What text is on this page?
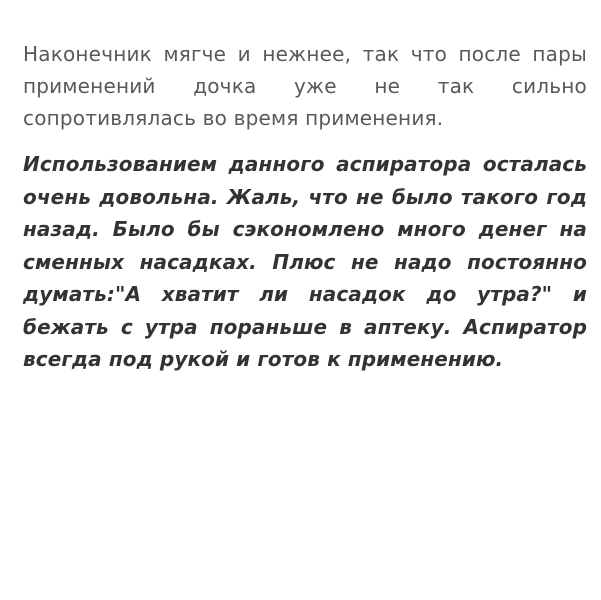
Наконечник мягче и нежнее, так что после пары применений дочка уже не так сильно сопротивлялась во время применения.

Использованием данного аспиратора осталась очень довольна. Жаль, что не было такого год назад. Было бы сэкономлено много денег на сменных насадках. Плюс не надо постоянно думать:"А хватит ли насадок до утра?" и бежать с утра пораньше в аптеку. Аспиратор всегда под рукой и готов к применению.
